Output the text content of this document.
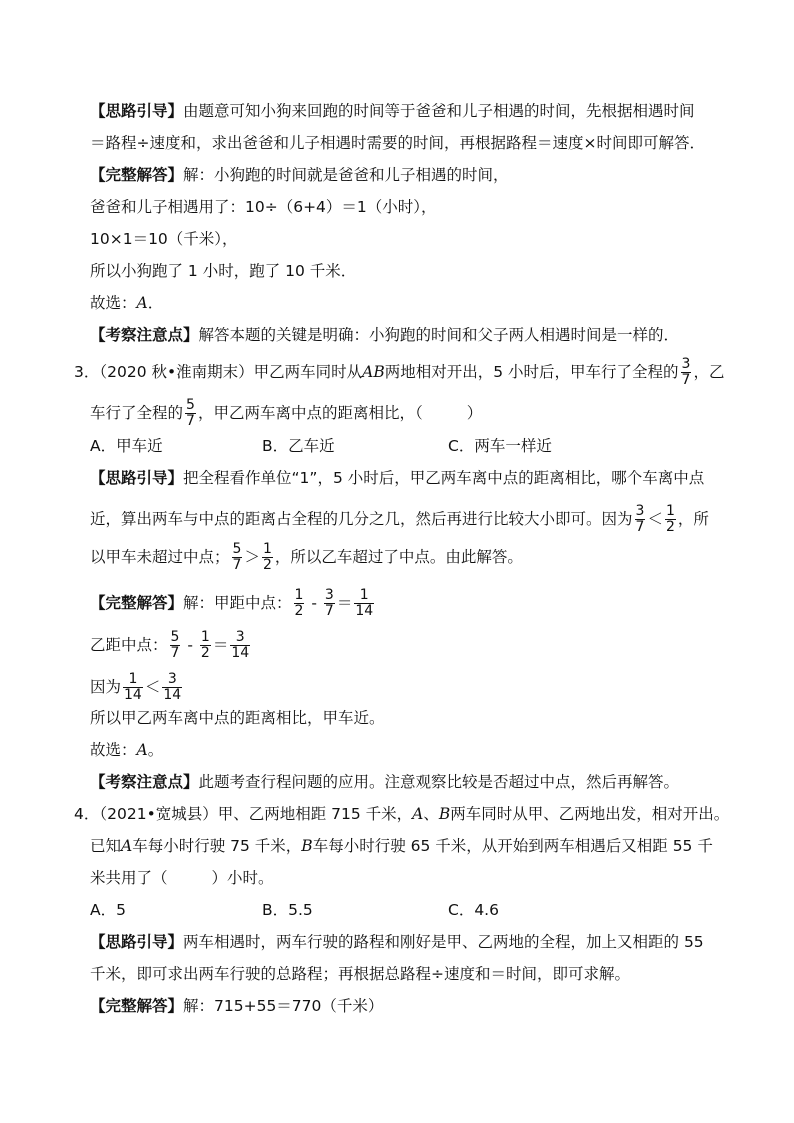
【思路引导】由题意可知小狗来回跑的时间等于爸爸和儿子相遇的时间，先根据相遇时间
＝路程÷速度和，求出爸爸和儿子相遇时需要的时间，再根据路程＝速度×时间即可解答．
【完整解答】解：小狗跑的时间就是爸爸和儿子相遇的时间，
爸爸和儿子相遇用了：10÷（6+4）＝1（小时），
10×1＝10（千米），
所以小狗跑了 1 小时，跑了 10 千米．
故选：A．
【考察注意点】解答本题的关键是明确：小狗跑的时间和父子两人相遇时间是一样的．
3．（2020 秋•淮南期末）甲乙两车同时从AB两地相对开出，5 小时后，甲车行了全程的 $\frac{3}{7}$ ，乙
车行了全程的 $\frac{5}{7}$ ，甲乙两车离中点的距离相比，（	）
A．甲车近	B．乙车近	C．两车一样近
【思路引导】把全程看作单位“1”，5 小时后，甲乙两车离中点的距离相比，哪个车离中点
近，算出两车与中点的距离占全程的几分之几，然后再进行比较大小即可。因为 $\frac{3}{7} < \frac{1}{2}$ ，所
以甲车未超过中点； $\frac{5}{7} > \frac{1}{2}$ ，所以乙车超过了中点。由此解答。
【完整解答】解：甲距中点： $\frac{1}{2} - \frac{3}{7} = \frac{1}{14}$
乙距中点： $\frac{5}{7} - \frac{1}{2} = \frac{3}{14}$
因为 $\frac{1}{14} < \frac{3}{14}$
所以甲乙两车离中点的距离相比，甲车近。
故选：A。
【考察注意点】此题考查行程问题的应用。注意观察比较是否超过中点，然后再解答。
4．（2021•宽城县）甲、乙两地相距 715 千米，A、B两车同时从甲、乙两地出发，相对开出。
已知A车每小时行驶 75 千米，B车每小时行驶 65 千米，从开始到两车相遇后又相距 55 千
米共用了（	）小时。
A．5	B．5.5	C．4.6
【思路引导】两车相遇时，两车行驶的路程和刚好是甲、乙两地的全程，加上又相距的 55
千米，即可求出两车行驶的总路程；再根据总路程÷速度和＝时间，即可求解。
【完整解答】解：715+55＝770（千米）
